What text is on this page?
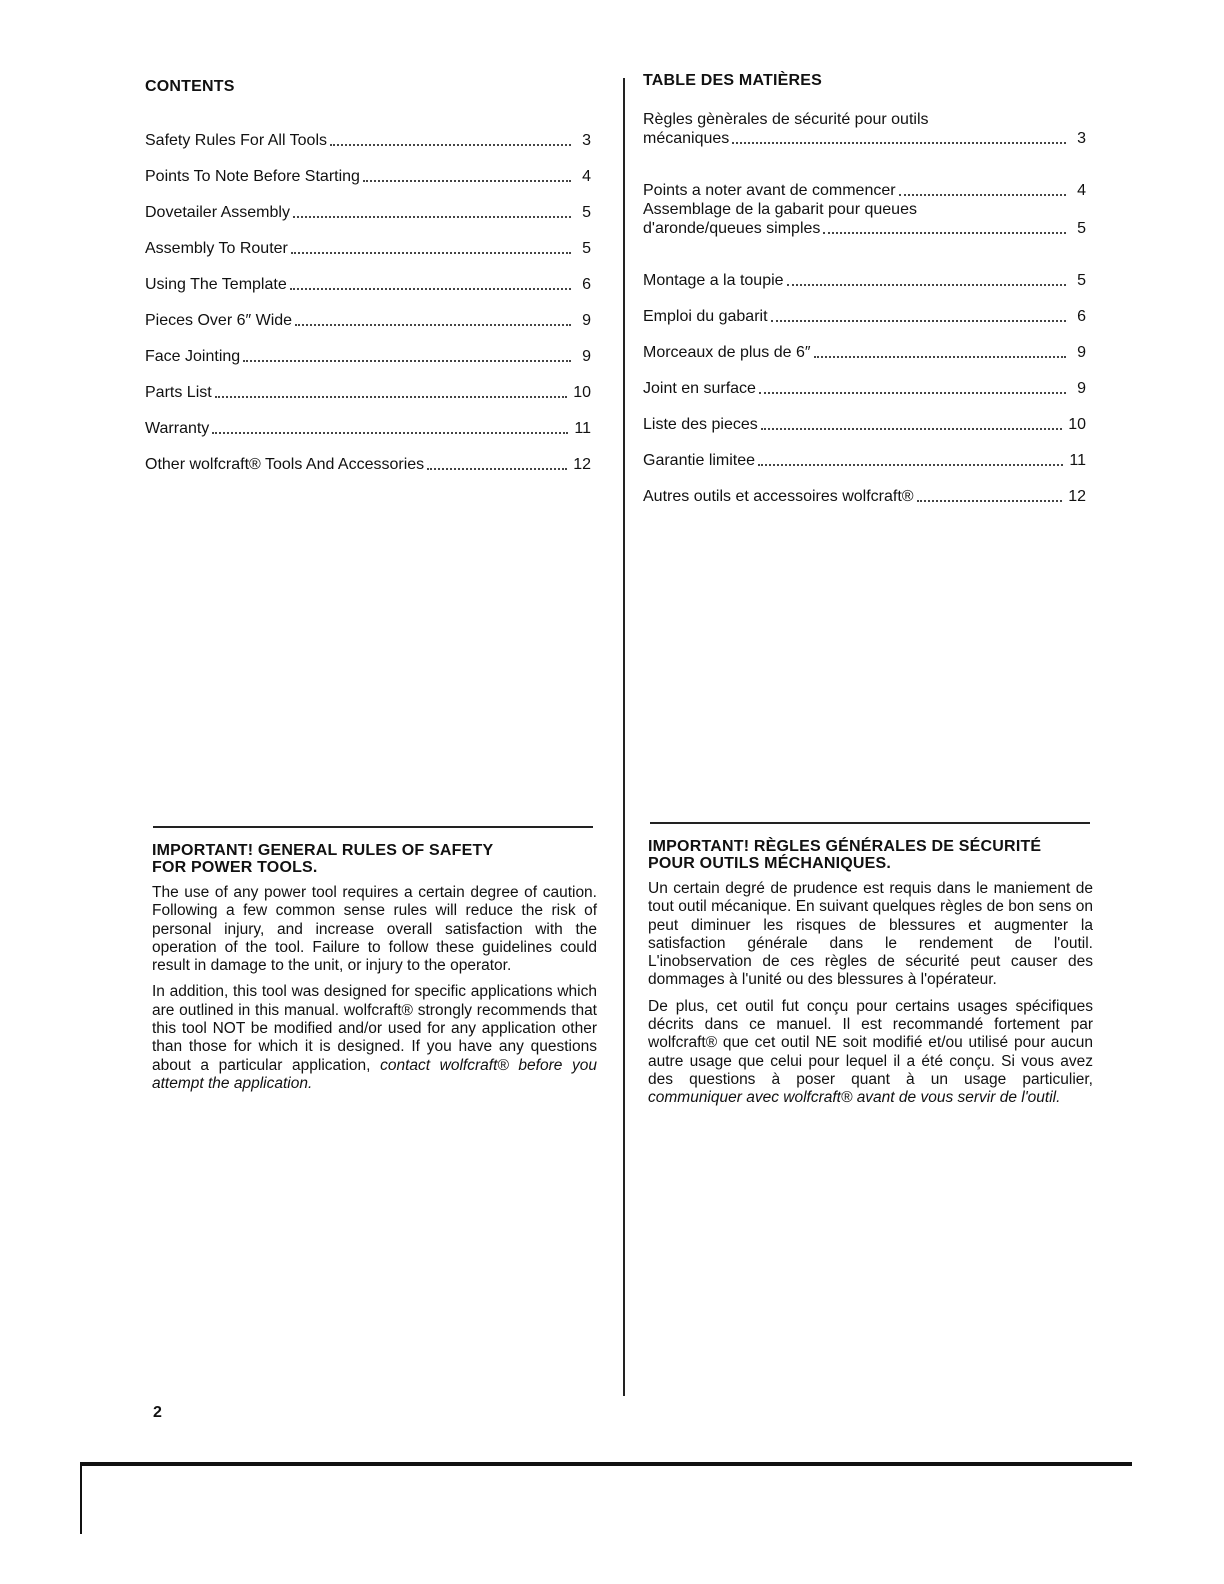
CONTENTS
Safety Rules For All Tools	3
Points To Note Before Starting	4
Dovetailer Assembly	5
Assembly To Router	5
Using The Template	6
Pieces Over 6″ Wide	9
Face Jointing	9
Parts List	10
Warranty	11
Other wolfcraft® Tools And Accessories	12
TABLE DES MATIÈRES
Règles gènèrales de sécurité pour outils
mécaniques	3
Points a noter avant de commencer	4
Assemblage de la gabarit pour queues
d'aronde/queues simples	5
Montage a la toupie	5
Emploi du gabarit	6
Morceaux de plus de 6″	9
Joint en surface	9
Liste des pieces	10
Garantie limitee	11
Autres outils et accessoires wolfcraft®	12
IMPORTANT! GENERAL RULES OF SAFETY
FOR POWER TOOLS.

The use of any power tool requires a certain degree of caution. Following a few common sense rules will reduce the risk of personal injury, and increase overall satisfaction with the operation of the tool. Failure to follow these guidelines could result in damage to the unit, or injury to the operator.

In addition, this tool was designed for specific applications which are outlined in this manual. wolfcraft® strongly recommends that this tool NOT be modified and/or used for any application other than those for which it is designed. If you have any questions about a particular application, contact wolfcraft® before you attempt the application.

IMPORTANT! RÈGLES GÉNÉRALES DE SÉCURITÉ
POUR OUTILS MÉCHANIQUES.

Un certain degré de prudence est requis dans le maniement de tout outil mécanique. En suivant quelques règles de bon sens on peut diminuer les risques de blessures et augmenter la satisfaction générale dans le rendement de l'outil. L'inobservation de ces règles de sécurité peut causer des dommages à l'unité ou des blessures à l'opérateur.

De plus, cet outil fut conçu pour certains usages spécifiques décrits dans ce manuel. Il est recommandé fortement par wolfcraft® que cet outil NE soit modifié et/ou utilisé pour aucun autre usage que celui pour lequel il a été conçu. Si vous avez des questions à poser quant à un usage particulier, communiquer avec wolfcraft® avant de vous servir de l'outil.

2
